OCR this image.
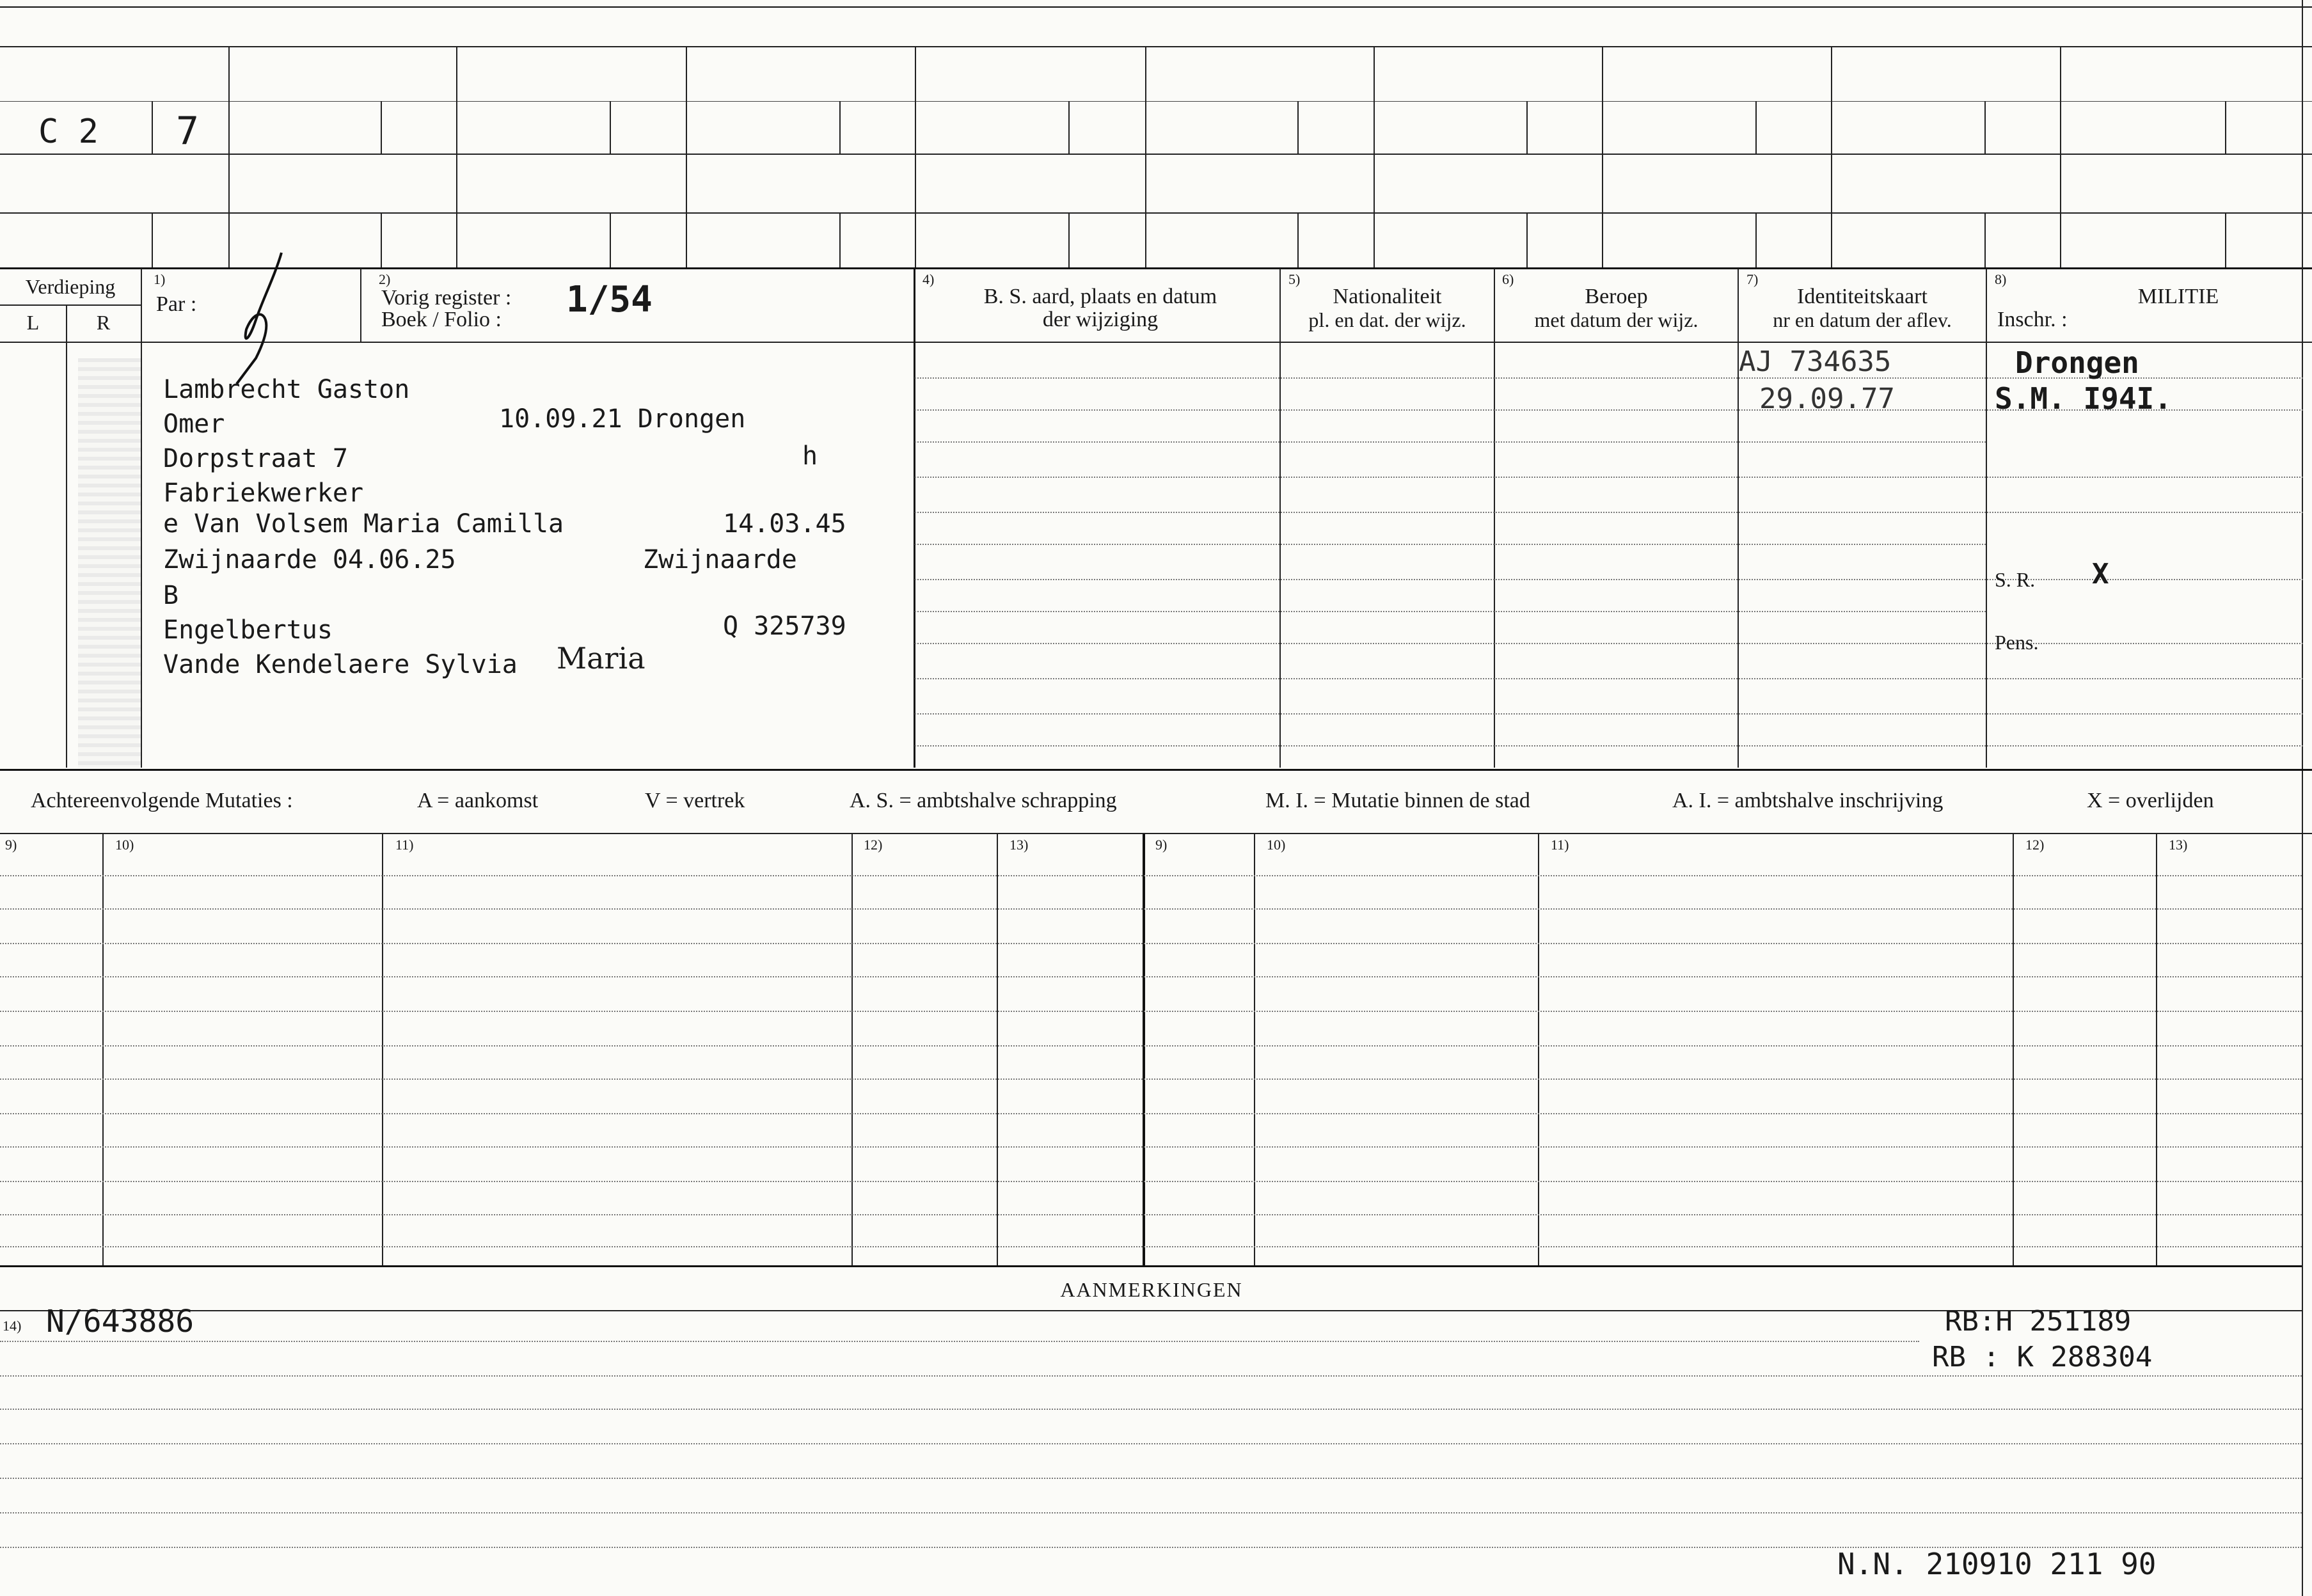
C 2 7
Verdieping
L	R
1)
Par :
2)
Vorig register : 1/54
Boek / Folio :
4)
B. S. aard, plaats en datum
der wijziging
5)
Nationaliteit
pl. en dat. der wijz.
6)
Beroep
met datum der wijz.
7)
Identiteitskaart
nr en datum der aflev.
8)
MILITIE
Inschr. :
Lambrecht Gaston
Omer	10.09.21 Drongen
Dorpstraat 7	h
Fabriekwerker
e Van Volsem Maria Camilla	14.03.45
Zwijnaarde 04.06.25	Zwijnaarde
B
Engelbertus	Q 325739
Vande Kendelaere Sylvia Maria
AJ 734635
29.09.77
Drongen
S.M. I94I.
S. R. X
Pens.
Achtereenvolgende Mutaties :	A = aankomst	V = vertrek	A. S. = ambtshalve schrapping	M. I. = Mutatie binnen de stad	A. I. = ambtshalve inschrijving	X = overlijden
9)	10)	11)	12)	13)	9)	10)	11)	12)	13)
AANMERKINGEN
14) N/643886	RB:H 251189
RB : K 288304
N.N. 210910 211 90
